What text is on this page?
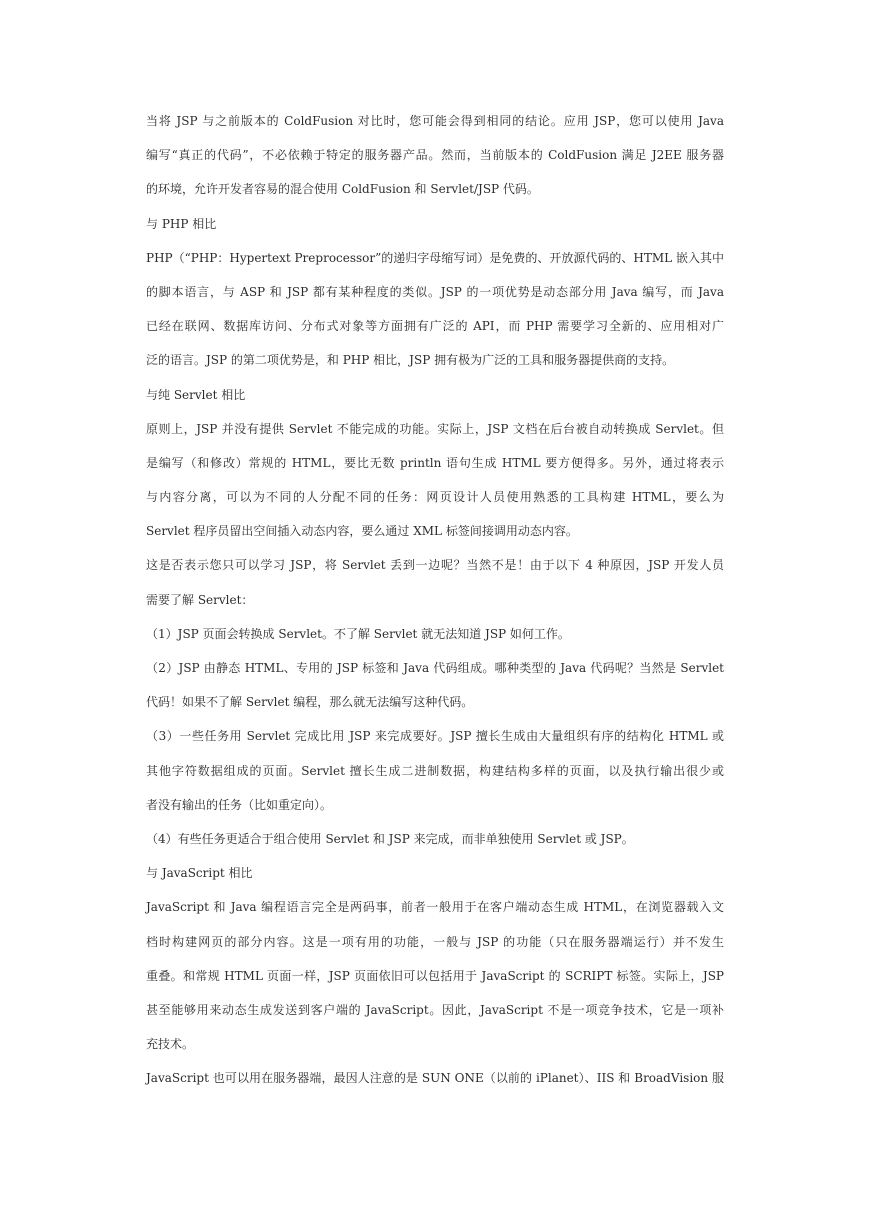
当将 JSP 与之前版本的 ColdFusion 对比时，您可能会得到相同的结论。应用 JSP，您可以使用 Java
编写“真正的代码”，不必依赖于特定的服务器产品。然而，当前版本的 ColdFusion 满足 J2EE 服务器
的环境，允许开发者容易的混合使用 ColdFusion 和 Servlet/JSP 代码。
与 PHP 相比
PHP（“PHP：Hypertext Preprocessor”的递归字母缩写词）是免费的、开放源代码的、HTML 嵌入其中
的脚本语言，与 ASP 和 JSP 都有某种程度的类似。JSP 的一项优势是动态部分用 Java 编写，而 Java
已经在联网、数据库访问、分布式对象等方面拥有广泛的 API，而 PHP 需要学习全新的、应用相对广
泛的语言。JSP 的第二项优势是，和 PHP 相比，JSP 拥有极为广泛的工具和服务器提供商的支持。
与纯 Servlet 相比
原则上，JSP 并没有提供 Servlet 不能完成的功能。实际上，JSP 文档在后台被自动转换成 Servlet。但
是编写（和修改）常规的 HTML，要比无数 println 语句生成 HTML 要方便得多。另外，通过将表示
与内容分离，可以为不同的人分配不同的任务：网页设计人员使用熟悉的工具构建 HTML，要么为
Servlet 程序员留出空间插入动态内容，要么通过 XML 标签间接调用动态内容。
这是否表示您只可以学习 JSP，将 Servlet 丢到一边呢？当然不是！由于以下 4 种原因，JSP 开发人员
需要了解 Servlet：
（1）JSP 页面会转换成 Servlet。不了解 Servlet 就无法知道 JSP 如何工作。
（2）JSP 由静态 HTML、专用的 JSP 标签和 Java 代码组成。哪种类型的 Java 代码呢？当然是 Servlet
代码！如果不了解 Servlet 编程，那么就无法编写这种代码。
（3）一些任务用 Servlet 完成比用 JSP 来完成要好。JSP 擅长生成由大量组织有序的结构化 HTML 或
其他字符数据组成的页面。Servlet 擅长生成二进制数据，构建结构多样的页面，以及执行输出很少或
者没有输出的任务（比如重定向）。
（4）有些任务更适合于组合使用 Servlet 和 JSP 来完成，而非单独使用 Servlet 或 JSP。
与 JavaScript 相比
JavaScript 和 Java 编程语言完全是两码事，前者一般用于在客户端动态生成 HTML，在浏览器载入文
档时构建网页的部分内容。这是一项有用的功能，一般与 JSP 的功能（只在服务器端运行）并不发生
重叠。和常规 HTML 页面一样，JSP 页面依旧可以包括用于 JavaScript 的 SCRIPT 标签。实际上，JSP
甚至能够用来动态生成发送到客户端的 JavaScript。因此，JavaScript 不是一项竞争技术，它是一项补
充技术。
JavaScript 也可以用在服务器端，最因人注意的是 SUN ONE（以前的 iPlanet）、IIS 和 BroadVision 服
